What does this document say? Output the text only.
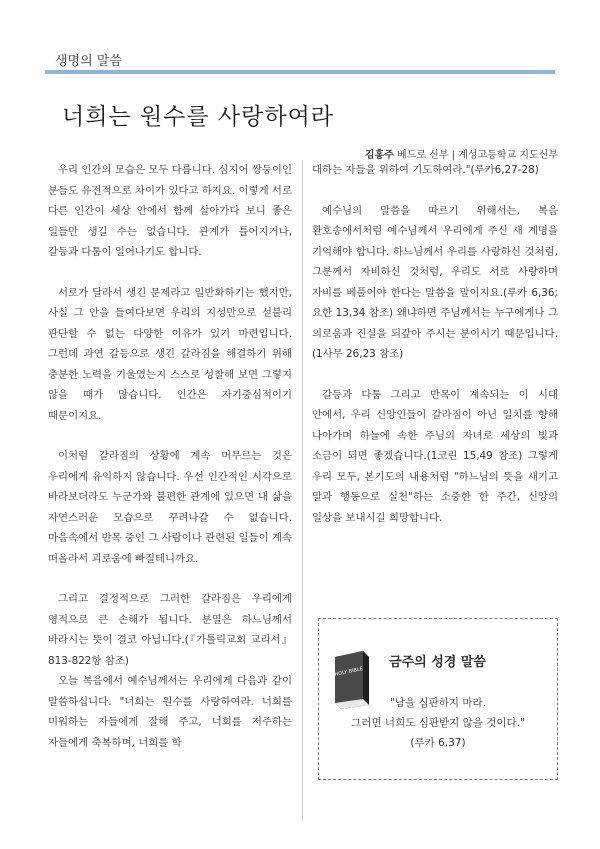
생명의 말씀
너희는 원수를 사랑하여라
김홍주 베드로 신부 | 계성고등학교 지도신부

우리 인간의 모습은 모두 다릅니다. 심지어 쌍둥이인 분들도 유전적으로 차이가 있다고 하지요. 이렇게 서로 다른 인간이 세상 안에서 함께 살아가다 보니 좋은 일들만 생길 수는 없습니다. 관계가 틀어지거나, 갈등과 다툼이 일어나기도 합니다.

서로가 달라서 생긴 문제라고 일반화하기는 했지만, 사실 그 안을 들여다보면 우리의 지성만으로 섣불리 판단할 수 없는 다양한 이유가 있기 마련입니다. 그런데 과연 갈등으로 생긴 갈라짐을 해결하기 위해 충분한 노력을 기울였는지 스스로 성찰해 보면 그렇지 않을 때가 많습니다. 인간은 자기중심적이기 때문이지요.

이처럼 갈라짐의 상황에 계속 머무르는 것은 우리에게 유익하지 않습니다. 우선 인간적인 시각으로 바라보더라도 누군가와 불편한 관계에 있으면 내 삶을 자연스러운 모습으로 꾸려나갈 수 없습니다. 마음속에서 반목 중인 그 사람이나 관련된 일들이 계속 떠올라서 괴로움에 빠질테니까요.

그리고 결정적으로 그러한 갈라짐은 우리에게 영적으로 큰 손해가 됩니다. 분열은 하느님께서 바라시는 뜻이 결코 아닙니다.(『가톨릭교회 교리서』 813-822항 참조)

오늘 복음에서 예수님께서는 우리에게 다음과 같이 말씀하십니다. "너희는 원수를 사랑하여라. 너희를 미워하는 자들에게 잘해 주고, 너희를 저주하는 자들에게 축복하며, 너희를 학

대하는 자들을 위하여 기도하여라."(루카6,27-28)

예수님의 말씀을 따르기 위해서는, 복음 환호송에서처럼 예수님께서 우리에게 주신 새 계명을 기억해야 합니다. 하느님께서 우리를 사랑하신 것처럼, 그분께서 자비하신 것처럼, 우리도 서로 사랑하며 자비를 베풀어야 한다는 말씀을 말이지요.(루카 6,36; 요한 13,34 참조) 왜냐하면 주님께서는 누구에게나 그 의로움과 진실을 되갚아 주시는 분이시기 때문입니다.(1사무 26,23 참조)

갈등과 다툼 그리고 반목이 계속되는 이 시대 안에서, 우리 신앙인들이 갈라짐이 아닌 일치를 향해 나아가며 하늘에 속한 주님의 자녀로 세상의 빛과 소금이 되면 좋겠습니다.(1코린 15,49 참조) 그렇게 우리 모두, 본기도의 내용처럼 "하느님의 뜻을 새기고 말과 행동으로 실천"하는 소중한 한 주간, 신앙의 일상을 보내시길 희망합니다.

HOLY BIBLE
금주의 성경 말씀
"남을 심판하지 마라.
그러면 너희도 심판받지 않을 것이다."
(루카 6,37)
